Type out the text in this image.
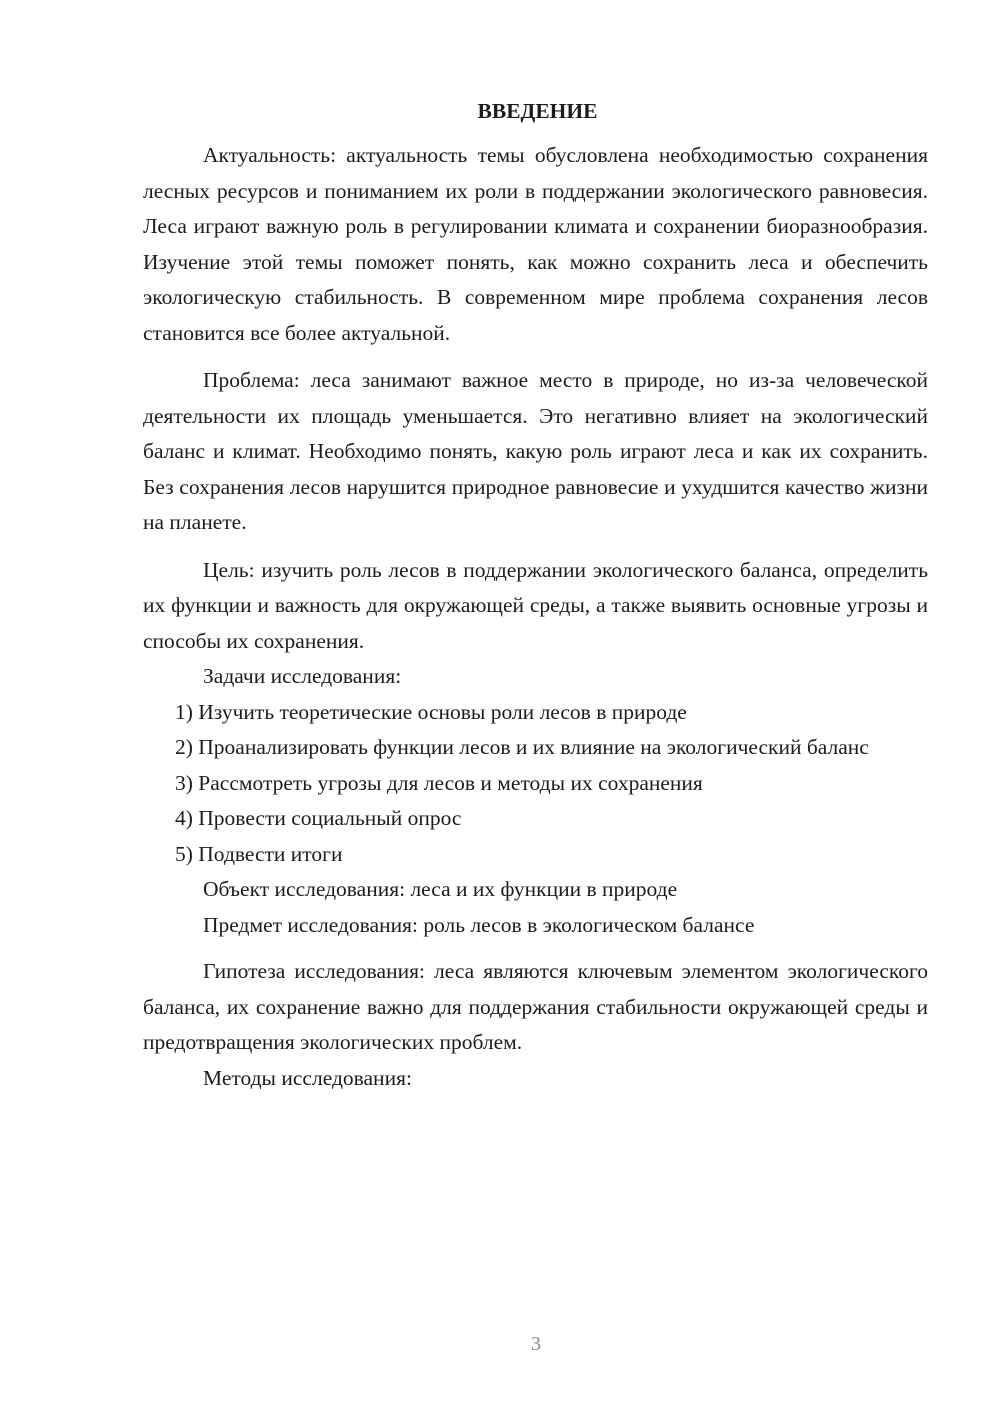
ВВЕДЕНИЕ

Актуальность: актуальность темы обусловлена необходимостью сохранения лесных ресурсов и пониманием их роли в поддержании экологического равновесия. Леса играют важную роль в регулировании климата и сохранении биоразнообразия. Изучение этой темы поможет понять, как можно сохранить леса и обеспечить экологическую стабильность. В современном мире проблема сохранения лесов становится все более актуальной.

Проблема: леса занимают важное место в природе, но из-за человеческой деятельности их площадь уменьшается. Это негативно влияет на экологический баланс и климат. Необходимо понять, какую роль играют леса и как их сохранить. Без сохранения лесов нарушится природное равновесие и ухудшится качество жизни на планете.

Цель: изучить роль лесов в поддержании экологического баланса, определить их функции и важность для окружающей среды, а также выявить основные угрозы и способы их сохранения.

Задачи исследования:

1) Изучить теоретические основы роли лесов в природе

2) Проанализировать функции лесов и их влияние на экологический баланс

3) Рассмотреть угрозы для лесов и методы их сохранения

4) Провести социальный опрос

5) Подвести итоги

Объект исследования: леса и их функции в природе

Предмет исследования: роль лесов в экологическом балансе

Гипотеза исследования: леса являются ключевым элементом экологического баланса, их сохранение важно для поддержания стабильности окружающей среды и предотвращения экологических проблем.

Методы исследования:

3
